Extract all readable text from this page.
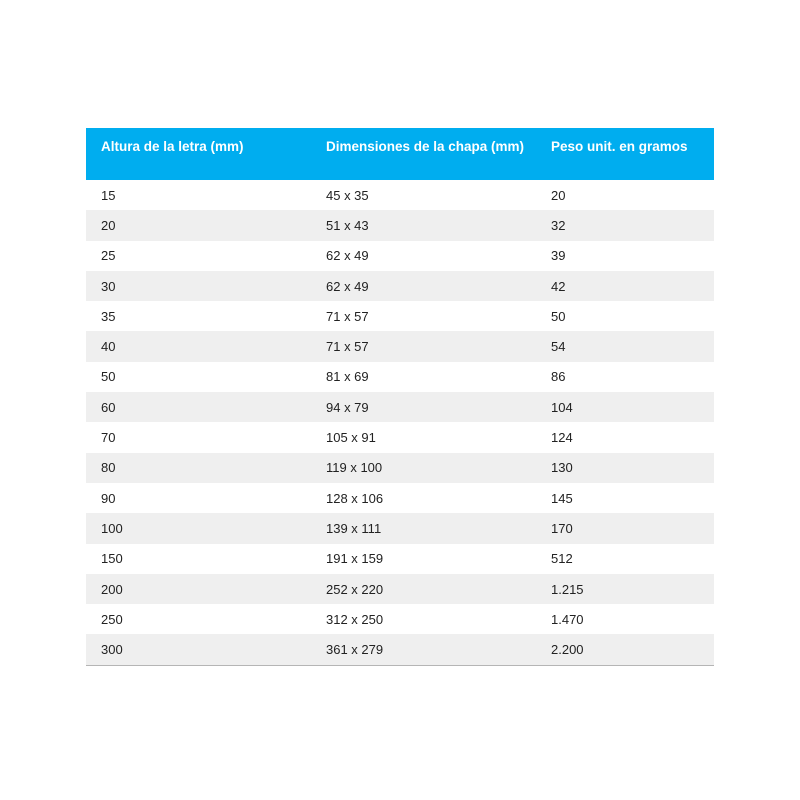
Altura de la letra (mm)	Dimensiones de la chapa (mm)	Peso unit. en gramos
15	45 x 35	20
20	51 x 43	32
25	62 x 49	39
30	62 x 49	42
35	71 x 57	50
40	71 x 57	54
50	81 x 69	86
60	94 x 79	104
70	105 x 91	124
80	119 x 100	130
90	128 x 106	145
100	139 x 111	170
150	191 x 159	512
200	252 x 220	1.215
250	312 x 250	1.470
300	361 x 279	2.200
